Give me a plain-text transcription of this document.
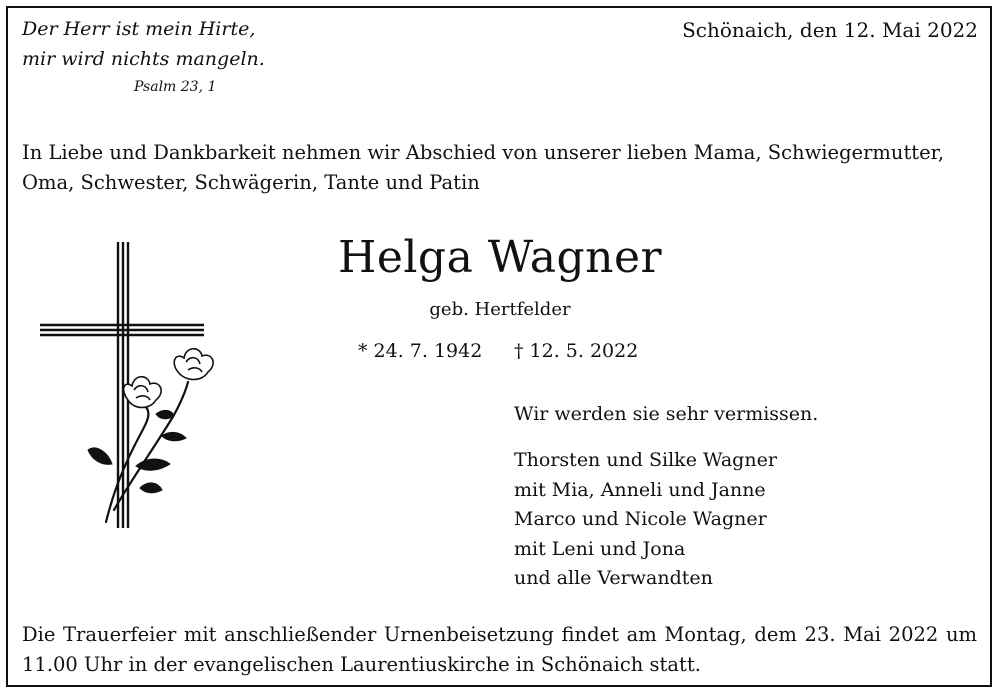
Der Herr ist mein Hirte,
mir wird nichts mangeln.
Psalm 23, 1
Schönaich, den 12. Mai 2022
In Liebe und Dankbarkeit nehmen wir Abschied von unserer lieben Mama, Schwiegermutter, Oma, Schwester, Schwägerin, Tante und Patin
Helga Wagner
geb. Hertfelder
* 24. 7. 1942 † 12. 5. 2022
Wir werden sie sehr vermissen.
Thorsten und Silke Wagner
mit Mia, Anneli und Janne
Marco und Nicole Wagner
mit Leni und Jona
und alle Verwandten
Die Trauerfeier mit anschließender Urnenbeisetzung findet am Montag, dem 23. Mai 2022 um 11.00 Uhr in der evangelischen Laurentiuskirche in Schönaich statt.
